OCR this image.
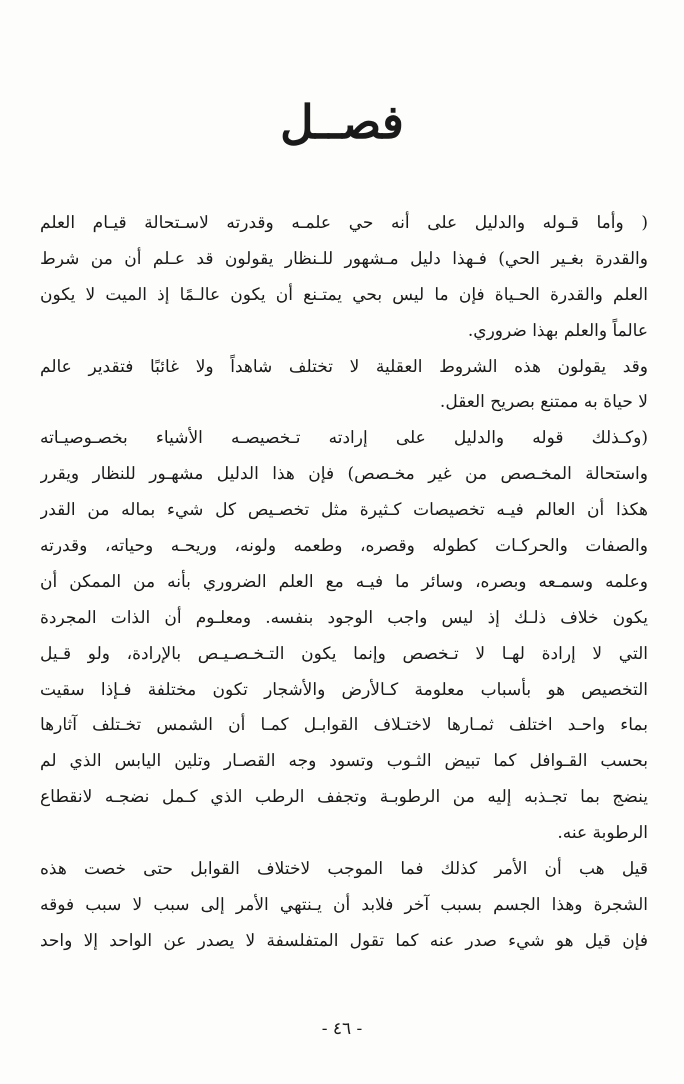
فصــل
( وأما قـوله والدليل على أنه حي علمـه وقدرته لاسـتحالة قيـام العلم
والقدرة بغـير الحي) فـهذا دليل مـشهور للـنظار يقولون قد عـلم أن من شرط
العلم والقدرة الحـياة فإن ما ليس بحي يمتـنع أن يكون عالـمًا إذ الميت لا يكون
عالماً والعلم بهذا ضروري.
وقد يقولون هذه الشروط العقلية لا تختلف شاهداً ولا غائبًا فتقدير عالم
لا حياة به ممتنع بصريح العقل.
(وكـذلك قوله والدليل على إرادته تـخصيصـه الأشياء بخصـوصيـاته
واستحالة المخـصص من غير مخـصص) فإن هذا الدليل مشهـور للنظار ويقرر
هكذا أن العالم فيـه تخصيصات كـثيرة مثل تخصـيص كل شيء بماله من القدر
والصفات والحركـات كطوله وقصره، وطعمه ولونه، وريحـه وحياته، وقدرته
وعلمه وسمـعه وبصره، وسائر ما فيـه مع العلم الضروري بأنه من الممكن أن
يكون خلاف ذلـك إذ ليس واجب الوجود بنفسه. ومعلـوم أن الذات المجردة
التي لا إرادة لهـا لا تـخصص وإنما يكون التـخـصـيـص بالإرادة، ولو قـيل
التخصيص هو بأسباب معلومة كـالأرض والأشجار تكون مختلفة فـإذا سقيت
بماء واحـد اختلف ثمـارها لاختـلاف القوابـل كمـا أن الشمس تخـتلف آثارها
بحسب القـوافل كما تبيض الثـوب وتسود وجه القصـار وتلين اليابس الذي لم
ينضج بما تجـذبه إليه من الرطوبـة وتجفف الرطب الذي كـمل نضجـه لانقطاع
الرطوبة عنه.
قيل هب أن الأمر كذلك فما الموجب لاختلاف القوابل حتى خصت هذه
الشجرة وهذا الجسم بسبب آخر فلابد أن يـنتهي الأمر إلى سبب لا سبب فوقه
فإن قيل هو شيء صدر عنه كما تقول المتفلسفة لا يصدر عن الواحد إلا واحد
- ٤٦ -
